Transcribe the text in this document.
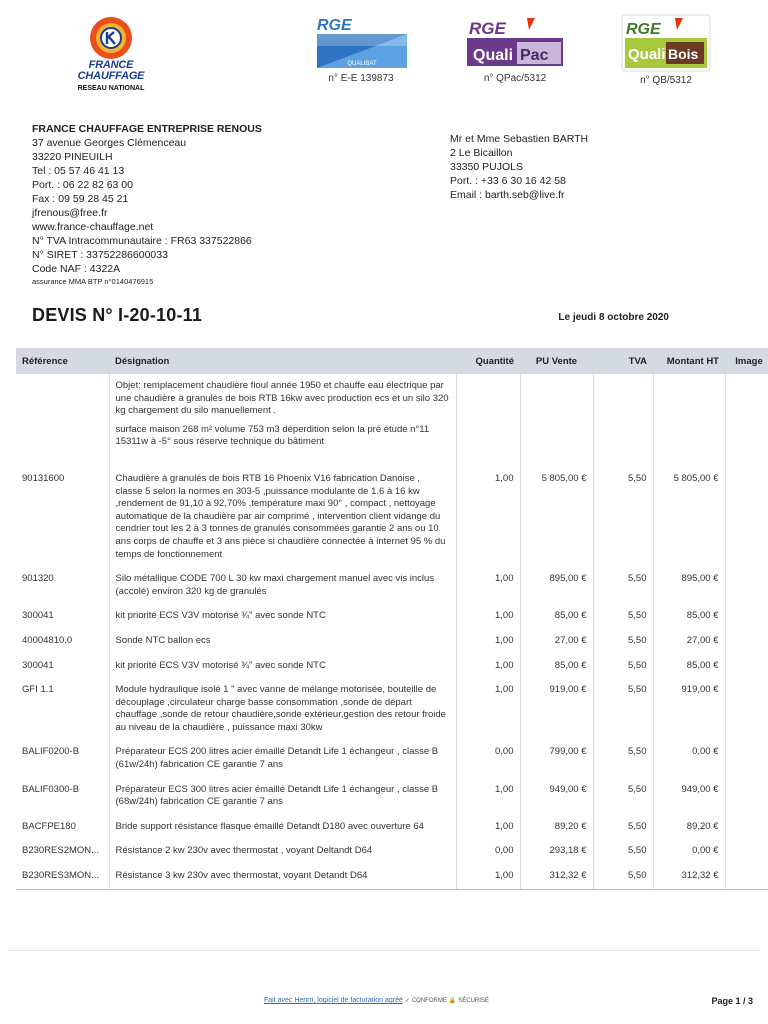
FRANCE
CHAUFFAGE
RESEAU NATIONAL
RGE
QUALIBAT
n° E-E 139873
RGE
Quali Pac
n° QPac/5312
RGE
Quali Bois
n° QB/5312
FRANCE CHAUFFAGE ENTREPRISE RENOUS
37 avenue Georges Clémenceau
33220 PINEUILH
Tel : 05 57 46 41 13
Port. : 06 22 82 63 00
Fax : 09 59 28 45 21
jfrenous@free.fr
www.france-chauffage.net
N° TVA Intracommunautaire : FR63 337522866
N° SIRET : 33752286600033
Code NAF : 4322A
assurance MMA BTP n°0140476915
Mr et Mme Sebastien BARTH
2 Le Bicaillon
33350 PUJOLS
Port. : +33 6 30 16 42 58
Email : barth.seb@live.fr
DEVIS N° I-20-10-11	Le jeudi 8 octobre 2020
Référence	Désignation	Quantité	PU Vente	TVA	Montant HT	Image

	Objet: remplacement chaudière fioul année 1950 et chauffe eau électrique par une chaudière à granulés de bois RTB 16kw avec production ecs et un silo 320 kg chargement du silo manuellement .

surface maison 268 m² volume 753 m3 déperdition selon la pré étude n°11 15311w à -5° sous réserve technique du bâtiment					

90131600	Chaudière à granulés de bois RTB 16 Phoenix V16 fabrication Danoise , classe 5 selon la normes en 303-5 ,puissance modulante de 1.6 à 16 kw ,rendement de 91,10 à 92,70% ,température maxi 90° , compact , nettoyage automatique de la chaudière par air comprimé , intervention client vidange du cendrier tout les 2 à 3 tonnes de granulés consommées garantie 2 ans ou 10 ans corps de chauffe et 3 ans pièce si chaudière connectée à internet 95 % du temps de fonctionnement	1,00	5 805,00 €	5,50	5 805,00 €	
901320	Silo métallique CODE 700 L 30 kw maxi chargement manuel avec vis inclus (accolé) environ 320 kg de granulés	1,00	895,00 €	5,50	895,00 €	
300041	kit priorité ECS V3V motorisé ¾" avec sonde NTC	1,00	85,00 €	5,50	85,00 €	
40004810.0	Sonde NTC ballon ecs	1,00	27,00 €	5,50	27,00 €	
300041	kit priorité ECS V3V motorisé ¾" avec sonde NTC	1,00	85,00 €	5,50	85,00 €	
GFI 1.1	Module hydraulique isolé 1 " avec vanne de mélange motorisée, bouteille de découplage ,circulateur charge basse consommation ,sonde de départ chauffage ,sonde de retour chaudière,sonde extérieur,gestion des retour froide au niveau de la chaudière , puissance maxi 30kw	1,00	919,00 €	5,50	919,00 €	
BALIF0200-B	Préparateur ECS 200 litres acier émaillé Detandt Life 1 échangeur , classe B (61w/24h) fabrication CE garantie 7 ans	0,00	799,00 €	5,50	0,00 €	
BALIF0300-B	Préparateur ECS 300 litres acier émaillé Detandt Life 1 échangeur , classe B (68w/24h) fabrication CE garantie 7 ans	1,00	949,00 €	5,50	949,00 €	
BACFPE180	Bride support résistance flasque émaillé Detandt D180 avec ouverture 64	1,00	89,20 €	5,50	89,20 €	
B230RES2MON...	Résistance 2 kw 230v avec thermostat , voyant Deltandt D64	0,00	293,18 €	5,50	0,00 €	
B230RES3MON...	Résistance 3 kw 230v avec thermostat, voyant Detandt D64	1,00	312,32 €	5,50	312,32 €	
Fait avec Henrri, logiciel de facturation agréé ✓ CONFORME 🔒 SÉCURISÉ	Page 1 / 3
